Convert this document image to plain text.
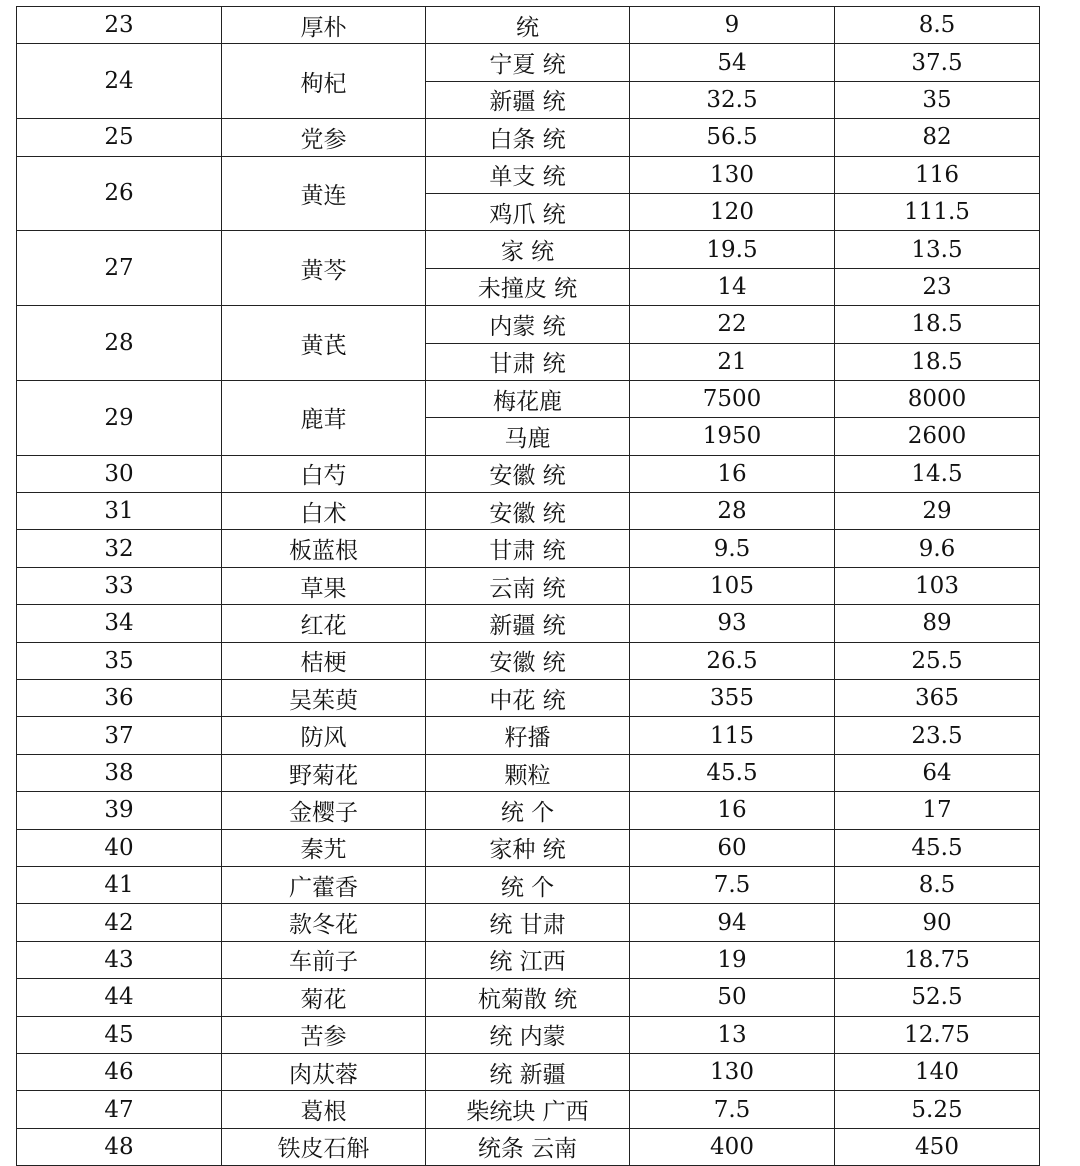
23	厚朴	统	9	8.5
24	枸杞	宁夏 统	54	37.5
		新疆 统	32.5	35
25	党参	白条 统	56.5	82
26	黄连	单支 统	130	116
		鸡爪 统	120	111.5
27	黄芩	家 统	19.5	13.5
		未撞皮 统	14	23
28	黄芪	内蒙 统	22	18.5
		甘肃 统	21	18.5
29	鹿茸	梅花鹿	7500	8000
		马鹿	1950	2600
30	白芍	安徽 统	16	14.5
31	白术	安徽 统	28	29
32	板蓝根	甘肃 统	9.5	9.6
33	草果	云南 统	105	103
34	红花	新疆 统	93	89
35	桔梗	安徽 统	26.5	25.5
36	吴茱萸	中花 统	355	365
37	防风	籽播	115	23.5
38	野菊花	颗粒	45.5	64
39	金樱子	统 个	16	17
40	秦艽	家种 统	60	45.5
41	广藿香	统 个	7.5	8.5
42	款冬花	统 甘肃	94	90
43	车前子	统 江西	19	18.75
44	菊花	杭菊散 统	50	52.5
45	苦参	统 内蒙	13	12.75
46	肉苁蓉	统 新疆	130	140
47	葛根	柴统块 广西	7.5	5.25
48	铁皮石斛	统条 云南	400	450
